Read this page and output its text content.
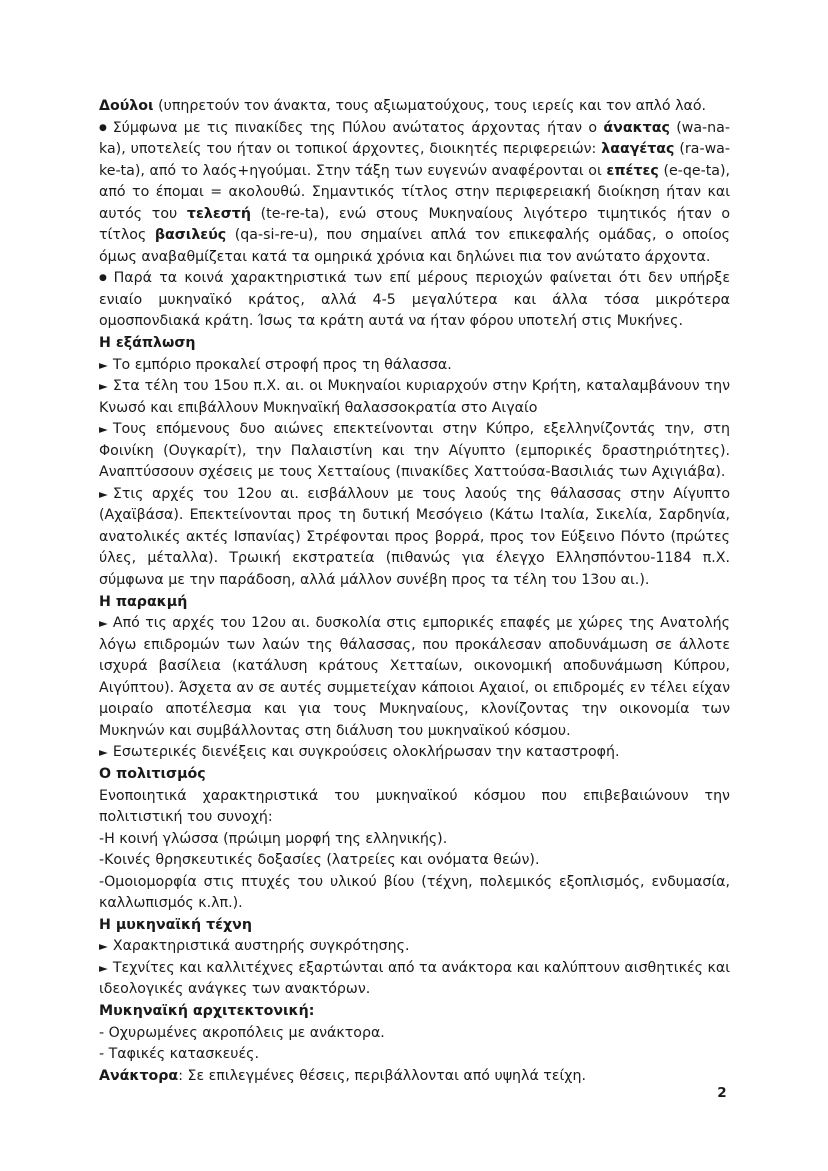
Δούλοι (υπηρετούν τον άνακτα, τους αξιωματούχους, τους ιερείς και τον απλό λαό.

● Σύμφωνα με τις πινακίδες της Πύλου ανώτατος άρχοντας ήταν ο άνακτας (wa-na-ka), υποτελείς του ήταν οι τοπικοί άρχοντες, διοικητές περιφερειών: λααγέτας (ra-wa-ke-ta), από το λαός+ηγούμαι. Στην τάξη των ευγενών αναφέρονται οι επέτες (e-qe-ta), από το έπομαι = ακολουθώ. Σημαντικός τίτλος στην περιφερειακή διοίκηση ήταν και αυτός του τελεστή (te-re-ta), ενώ στους Μυκηναίους λιγότερο τιμητικός ήταν ο τίτλος βασιλεύς (qa-si-re-u), που σημαίνει απλά τον επικεφαλής ομάδας, ο οποίος όμως αναβαθμίζεται κατά τα ομηρικά χρόνια και δηλώνει πια τον ανώτατο άρχοντα.

● Παρά τα κοινά χαρακτηριστικά των επί μέρους περιοχών φαίνεται ότι δεν υπήρξε ενιαίο μυκηναϊκό κράτος, αλλά 4-5 μεγαλύτερα και άλλα τόσα μικρότερα ομοσπονδιακά κράτη. Ίσως τα κράτη αυτά να ήταν φόρου υποτελή στις Μυκήνες.

Η εξάπλωση

► Το εμπόριο προκαλεί στροφή προς τη θάλασσα.

► Στα τέλη του 15ου π.Χ. αι. οι Μυκηναίοι κυριαρχούν στην Κρήτη, καταλαμβάνουν την Κνωσό και επιβάλλουν Μυκηναϊκή θαλασσοκρατία στο Αιγαίο

► Τους επόμενους δυο αιώνες επεκτείνονται στην Κύπρο, εξελληνίζοντάς την, στη Φοινίκη (Ουγκαρίτ), την Παλαιστίνη και την Αίγυπτο (εμπορικές δραστηριότητες). Αναπτύσσουν σχέσεις με τους Χετταίους (πινακίδες Χαττούσα-Βασιλιάς των Αχιγιάβα).

► Στις αρχές του 12ου αι. εισβάλλουν με τους λαούς της θάλασσας στην Αίγυπτο (Αχαϊβάσα). Επεκτείνονται προς τη δυτική Μεσόγειο (Κάτω Ιταλία, Σικελία, Σαρδηνία, ανατολικές ακτές Ισπανίας) Στρέφονται προς βορρά, προς τον Εύξεινο Πόντο (πρώτες ύλες, μέταλλα). Τρωική εκστρατεία (πιθανώς για έλεγχο Ελλησπόντου-1184 π.Χ. σύμφωνα με την παράδοση, αλλά μάλλον συνέβη προς τα τέλη του 13ου αι.).

Η παρακμή

► Από τις αρχές του 12ου αι. δυσκολία στις εμπορικές επαφές με χώρες της Ανατολής λόγω επιδρομών των λαών της θάλασσας, που προκάλεσαν αποδυνάμωση σε άλλοτε ισχυρά βασίλεια (κατάλυση κράτους Χετταίων, οικονομική αποδυνάμωση Κύπρου, Αιγύπτου). Άσχετα αν σε αυτές συμμετείχαν κάποιοι Αχαιοί, οι επιδρομές εν τέλει είχαν μοιραίο αποτέλεσμα και για τους Μυκηναίους, κλονίζοντας την οικονομία των Μυκηνών και συμβάλλοντας στη διάλυση του μυκηναϊκού κόσμου.

► Εσωτερικές διενέξεις και συγκρούσεις ολοκλήρωσαν την καταστροφή.

Ο πολιτισμός

Ενοποιητικά χαρακτηριστικά του μυκηναϊκού κόσμου που επιβεβαιώνουν την πολιτιστική του συνοχή:

-Η κοινή γλώσσα (πρώιμη μορφή της ελληνικής).

-Κοινές θρησκευτικές δοξασίες (λατρείες και ονόματα θεών).

-Ομοιομορφία στις πτυχές του υλικού βίου (τέχνη, πολεμικός εξοπλισμός, ενδυμασία, καλλωπισμός κ.λπ.).

Η μυκηναϊκή τέχνη

► Χαρακτηριστικά αυστηρής συγκρότησης.

► Τεχνίτες και καλλιτέχνες εξαρτώνται από τα ανάκτορα και καλύπτουν αισθητικές και ιδεολογικές ανάγκες των ανακτόρων.

Μυκηναϊκή αρχιτεκτονική:

- Οχυρωμένες ακροπόλεις με ανάκτορα.

- Ταφικές κατασκευές.

Ανάκτορα: Σε επιλεγμένες θέσεις, περιβάλλονται από υψηλά τείχη.

2
